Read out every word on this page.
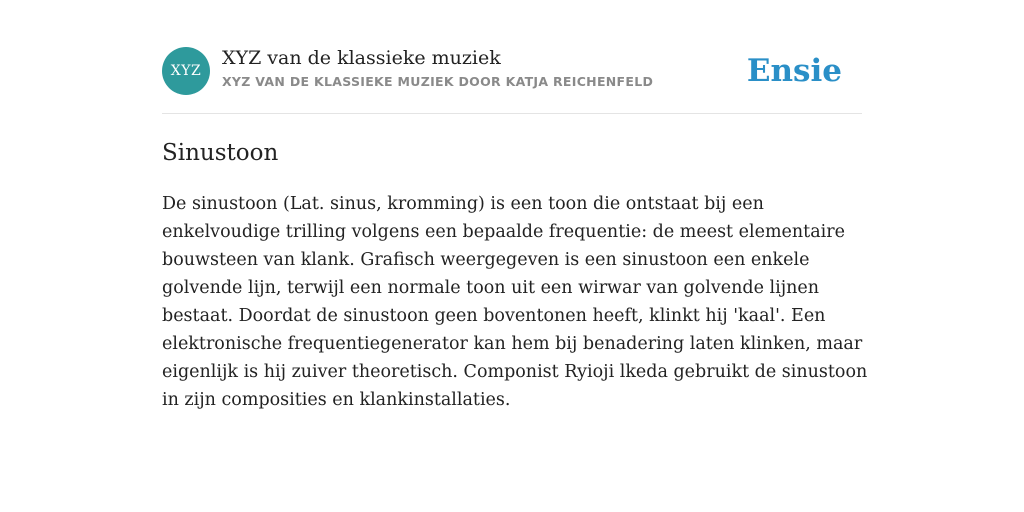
XYZ
XYZ van de klassieke muziek
XYZ VAN DE KLASSIEKE MUZIEK DOOR KATJA REICHENFELD	Ensie
Sinustoon

De sinustoon (Lat. sinus, kromming) is een toon die ontstaat bij een enkelvoudige trilling volgens een bepaalde frequentie: de meest elementaire bouwsteen van klank. Grafisch weergegeven is een sinustoon een enkele golvende lijn, terwijl een normale toon uit een wirwar van golvende lijnen bestaat. Doordat de sinustoon geen boventonen heeft, klinkt hij 'kaal'. Een elektronische frequentiegenerator kan hem bij benadering laten klinken, maar eigenlijk is hij zuiver theoretisch. Componist Ryioji lkeda gebruikt de sinustoon in zijn composities en klankinstallaties.
